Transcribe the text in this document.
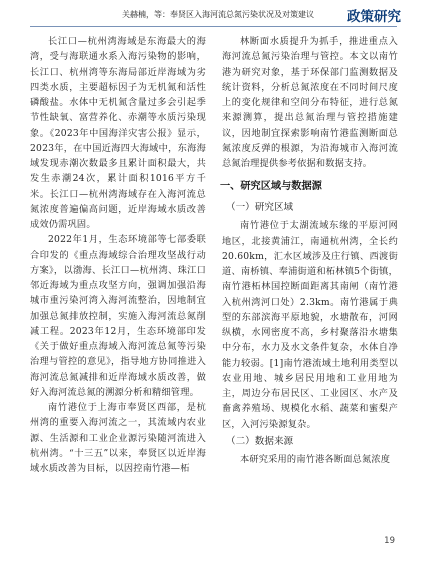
关赫楠，等：奉贤区入海河流总氮污染状况及对策建议 政策研究

长江口—杭州湾海域是东海最大的海湾，受与海联通水系入海污染物的影响，长江口、杭州湾等东海局部近岸海域为劣四类水质，主要超标因子为无机氮和活性磷酸盐。水体中无机氮含量过多会引起季节性缺氧、富营养化、赤潮等水质污染现象。《2023年中国海洋灾害公报》显示，2023年，在中国近海四大海域中，东海海域发现赤潮次数最多且累计面积最大，共发生赤潮24次，累计面积1016平方千米。长江口—杭州湾海域存在入海河流总氮浓度普遍偏高问题，近岸海域水质改善成效仍需巩固。

2022年1月，生态环境部等七部委联合印发的《重点海域综合治理攻坚战行动方案》，以渤海、长江口—杭州湾、珠江口邻近海域为重点攻坚方向，强调加强沿海城市重污染河湾入海河流整治，因地制宜加强总氮排放控制，实施入海河流总氮削减工程。2023年12月，生态环境部印发《关于做好重点海域入海河流总氮等污染治理与管控的意见》，指导地方协同推进入海河流总氮减排和近岸海域水质改善，做好入海河流总氮的溯源分析和精细管理。

南竹港位于上海市奉贤区西部，是杭州湾的重要入海河流之一，其流域内农业源、生活源和工业企业源污染随河流进入杭州湾。“十三五”以来，奉贤区以近岸海域水质改善为目标，以因控南竹港—柘

林断面水质提升为抓手，推进重点入海河流总氮污染治理与管控。本文以南竹港为研究对象，基于环保部门监测数据及统计资料，分析总氮浓度在不同时间尺度上的变化规律和空间分布特征，进行总氮来源测算，提出总氮治理与管控措施建议，因地制宜探索影响南竹港监测断面总氮浓度反弹的根源，为沿海城市入海河流总氮治理提供参考依据和数据支持。

一、研究区域与数据源
（一）研究区域

南竹港位于太湖流域东缘的平原河网地区，北接黄浦江，南通杭州湾，全长约20.60km，汇水区域涉及庄行镇、西渡街道、南桥镇、奉浦街道和柘林镇5个街镇，南竹港柘林国控断面距离其南闸（南竹港入杭州湾河口处）2.3km。南竹港属于典型的东部滨海平原地貌，水塘散布，河网纵横，水网密度不高，乡村聚落沿水塘集中分布，水力及水文条件复杂，水体自净能力较弱。[1]南竹港流域土地利用类型以农业用地、城乡居民用地和工业用地为主，周边分布居民区、工业园区、水产及畜禽养殖场、规模化水稻、蔬菜和蜜梨产区，入河污染源复杂。

（二）数据来源

本研究采用的南竹港各断面总氮浓度

19
